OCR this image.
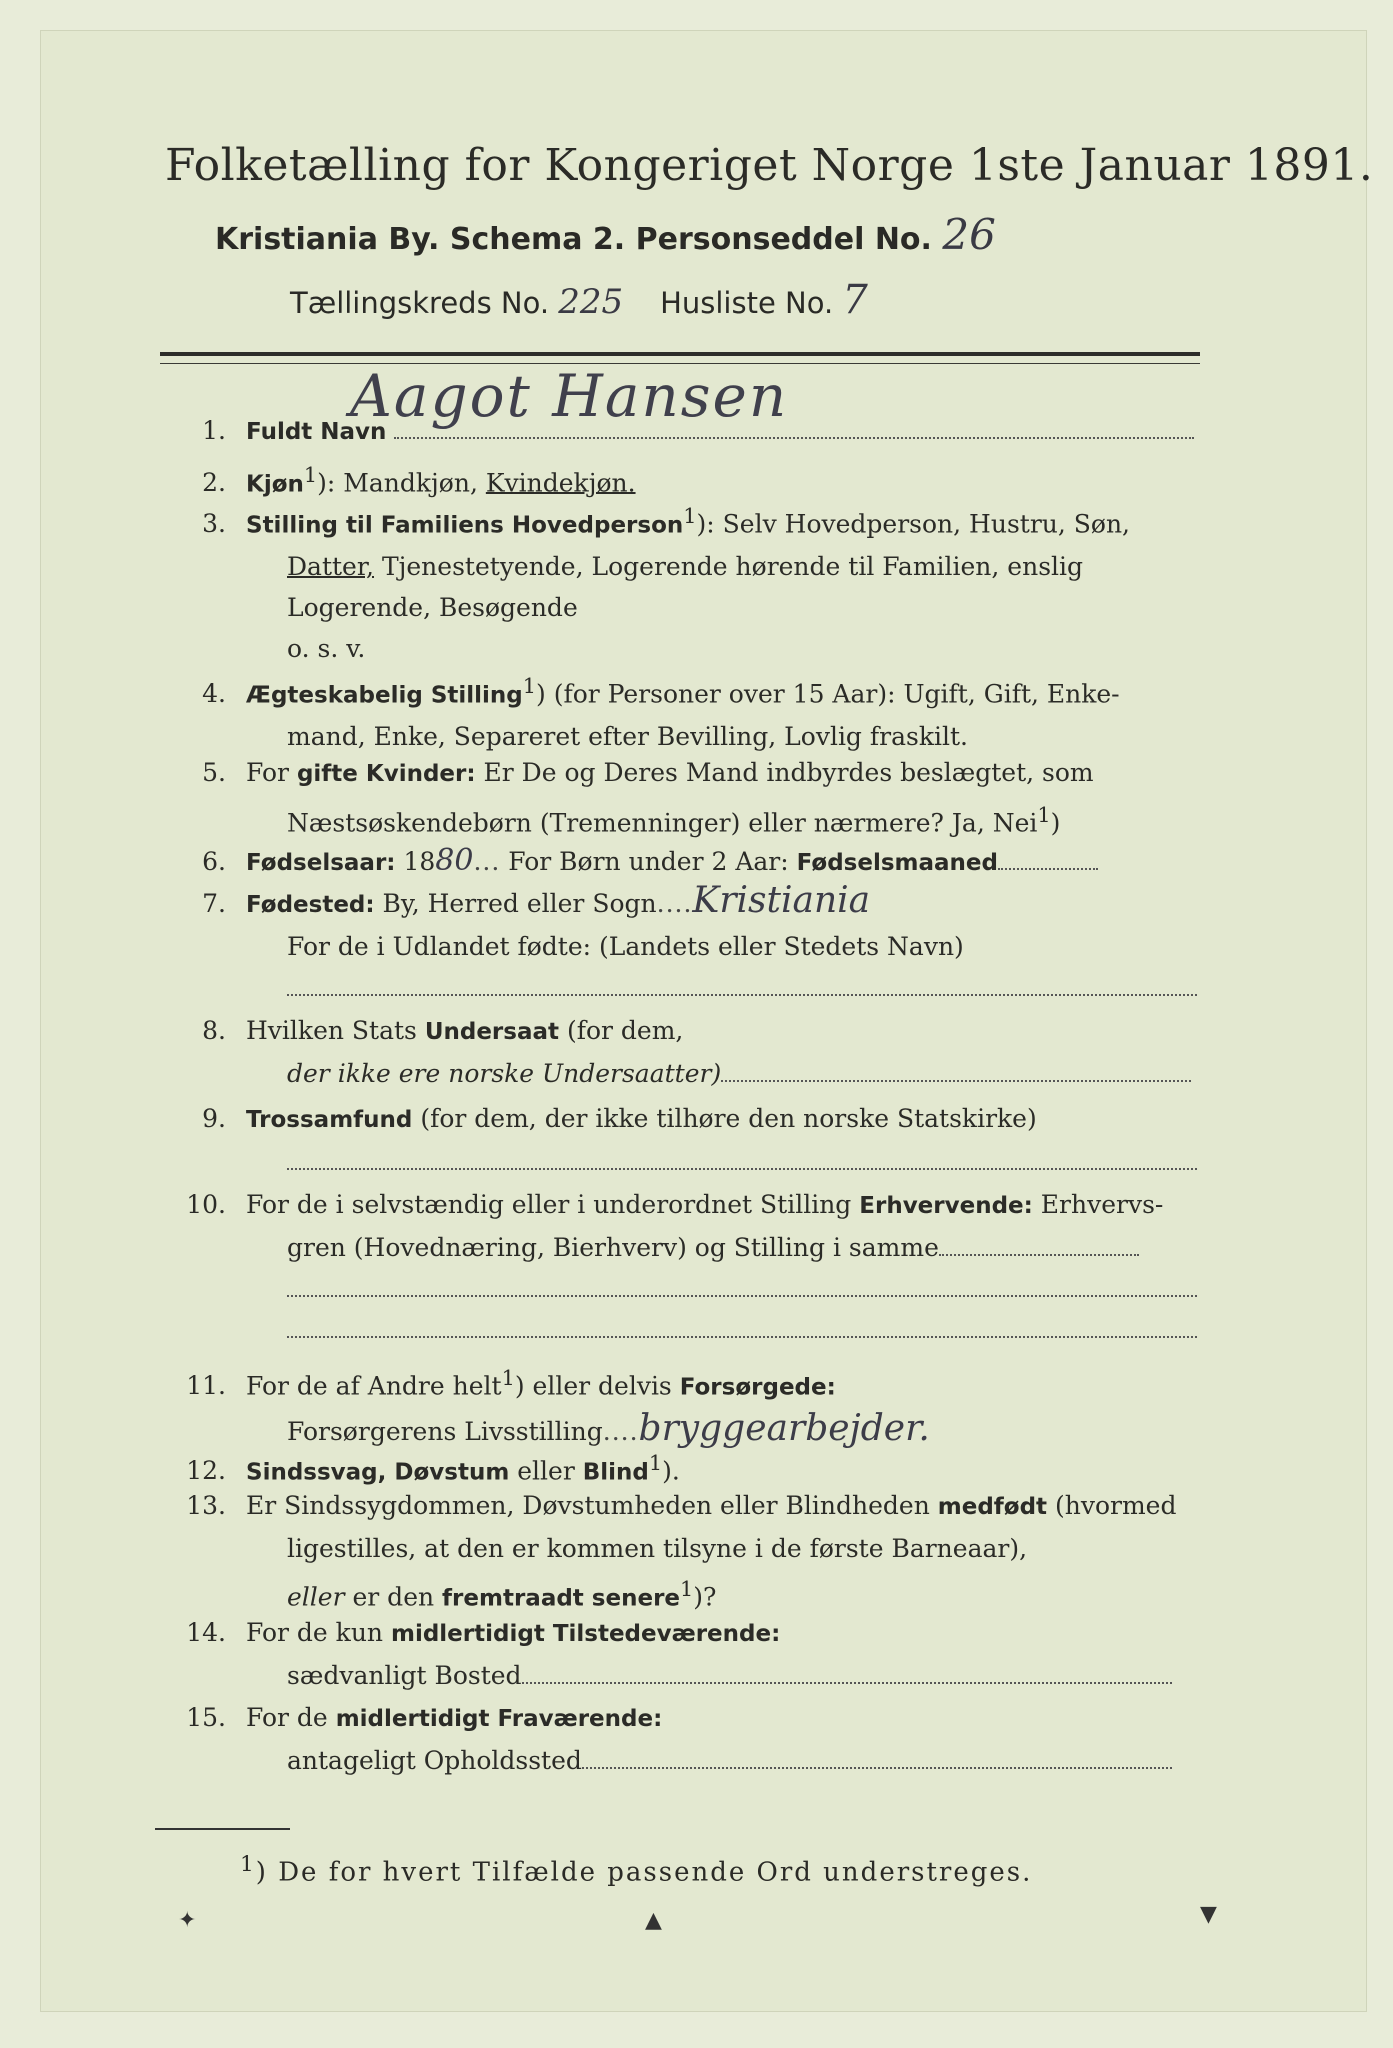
Folketælling for Kongeriget Norge 1ste Januar 1891.
Kristiania By. Schema 2. Personseddel No. 26
Tællingskreds No. 225 Husliste No. 7
Aagot Hansen
1. Fuldt Navn
2. Kjøn$^1$): Mandkjøn, Kvindekjøn.
3. Stilling til Familiens Hovedperson$^1$): Selv Hovedperson, Hustru, Søn,
Datter, Tjenestetyende, Logerende hørende til Familien, enslig
Logerende, Besøgende
o. s. v.
4. Ægteskabelig Stilling$^1$) (for Personer over 15 Aar): Ugift, Gift, Enke-
mand, Enke, Separeret efter Bevilling, Lovlig fraskilt.
5. For gifte Kvinder: Er De og Deres Mand indbyrdes beslægtet, som
Næstsøskendebørn (Tremenninger) eller nærmere? Ja, Nei$^1$)
6. Fødselsaar: 1880... For Børn under 2 Aar: Fødselsmaaned
7. Fødested: By, Herred eller Sogn....Kristiania
For de i Udlandet fødte: (Landets eller Stedets Navn)
8. Hvilken Stats Undersaat (for dem,
der ikke ere norske Undersaatter)
9. Trossamfund (for dem, der ikke tilhøre den norske Statskirke)
10. For de i selvstændig eller i underordnet Stilling Erhvervende: Erhvervs-
gren (Hovednæring, Bierhverv) og Stilling i samme
11. For de af Andre helt$^1$) eller delvis Forsørgede:
Forsørgerens Livsstilling....bryggearbejder.
12. Sindssvag, Døvstum eller Blind$^1$).
13. Er Sindssygdommen, Døvstumheden eller Blindheden medfødt (hvormed
ligestilles, at den er kommen tilsyne i de første Barneaar),
eller er den fremtraadt senere$^1$)?
14. For de kun midlertidigt Tilstedeværende:
sædvanligt Bosted
15. For de midlertidigt Fraværende:
antageligt Opholdssted
$^1$) De for hvert Tilfælde passende Ord understreges.
✦	▲	▼
